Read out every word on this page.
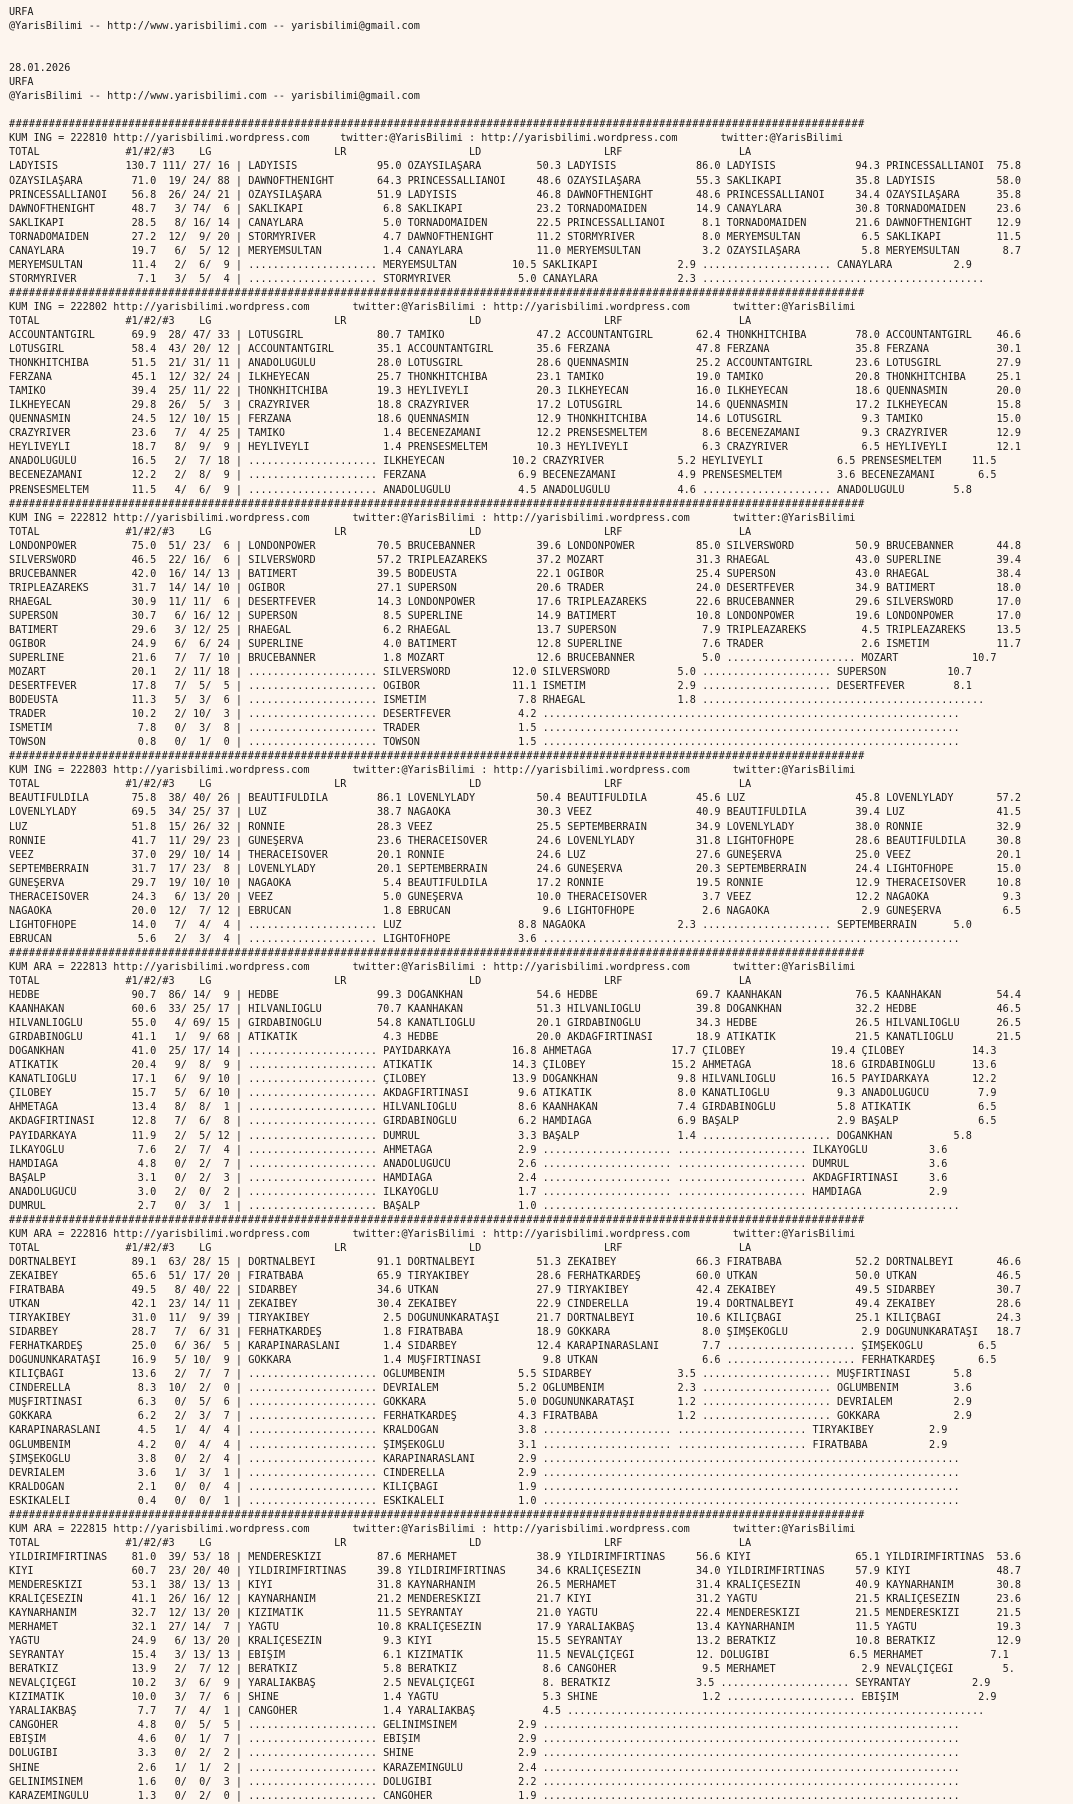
URFA
@YarisBilimi -- http://www.yarisbilimi.com -- yarisbilimi@gmail.com
28.01.2026
URFA
@YarisBilimi -- http://www.yarisbilimi.com -- yarisbilimi@gmail.com
#################################################################################################################################
KUM ING = 222810 http://yarisbilimi.wordpress.com     twitter:@YarisBilimi : http://yarisbilimi.wordpress.com       twitter:@YarisBilimi
TOTAL              #1/#2/#3    LG                    LR                    LD                    LRF                   LA
LADYİSİS           130.7 111/ 27/ 16 | LADYİSİS             95.0 ÖZAYSILAŞARA         50.3 LADYİSİS             86.0 LADYİSİS             94.3 PRINCESSALLIANOI  75.8
ÖZAYSILAŞARA        71.0  19/ 24/ 88 | DAWNOFTHENIGHT       64.3 PRINCESSALLIANOI     48.6 ÖZAYSILAŞARA         55.3 SAKLIKAPI            35.8 LADYİSİS          58.0
PRINCESSALLIANOI    56.8  26/ 24/ 21 | ÖZAYSILAŞARA         51.9 LADYİSİS             46.8 DAWNOFTHENIGHT       48.6 PRINCESSALLIANOI     34.4 ÖZAYSILAŞARA      35.8
DAWNOFTHENIGHT      48.7   3/ 74/  6 | SAKLIKAPI             6.8 SAKLIKAPI            23.2 TORNADOMAIDEN        14.9 CANAYLARA            30.8 TORNADOMAIDEN     23.6
SAKLIKAPI           28.5   8/ 16/ 14 | CANAYLARA             5.0 TORNADOMAIDEN        22.5 PRINCESSALLIANOI      8.1 TORNADOMAIDEN        21.6 DAWNOFTHENIGHT    12.9
TORNADOMAIDEN       27.2  12/  9/ 20 | STORMYRIVER           4.7 DAWNOFTHENIGHT       11.2 STORMYRIVER           8.0 MERYEMSULTAN          6.5 SAKLIKAPI         11.5
CANAYLARA           19.7   6/  5/ 12 | MERYEMSULTAN          1.4 CANAYLARA            11.0 MERYEMSULTAN          3.2 ÖZAYSILAŞARA          5.8 MERYEMSULTAN       8.7
MERYEMSULTAN        11.4   2/  6/  9 | ..................... MERYEMSULTAN         10.5 SAKLIKAPI             2.9 ..................... CANAYLARA          2.9
STORMYRIVER          7.1   3/  5/  4 | ..................... STORMYRIVER           5.0 CANAYLARA             2.3 ..............................................
#################################################################################################################################
KUM ING = 222802 http://yarisbilimi.wordpress.com       twitter:@YarisBilimi : http://yarisbilimi.wordpress.com       twitter:@YarisBilimi
TOTAL              #1/#2/#3    LG                    LR                    LD                    LRF                   LA
ACCOUNTANTGIRL      69.9  28/ 47/ 33 | LOTUSGIRL            80.7 TAMİKO               47.2 ACCOUNTANTGIRL       62.4 THONKHITCHIBA        78.0 ACCOUNTANTGIRL    46.6
LOTUSGIRL           58.4  43/ 20/ 12 | ACCOUNTANTGIRL       35.1 ACCOUNTANTGIRL       35.6 FERZANA              47.8 FERZANA              35.8 FERZANA           30.1
THONKHITCHIBA       51.5  21/ 31/ 11 | ANADOLUGÜLÜ          28.0 LOTUSGIRL            28.6 QUENNASMIN           25.2 ACCOUNTANTGIRL       23.6 LOTUSGIRL         27.9
FERZANA             45.1  12/ 32/ 24 | İLKHEYECAN           25.7 THONKHITCHIBA        23.1 TAMİKO               19.0 TAMİKO               20.8 THONKHITCHIBA     25.1
TAMİKO              39.4  25/ 11/ 22 | THONKHITCHIBA        19.3 HEYLİVEYLİ           20.3 İLKHEYECAN           16.0 İLKHEYECAN           18.6 QUENNASMIN        20.0
İLKHEYECAN          29.8  26/  5/  3 | CRAZYRIVER           18.8 CRAZYRIVER           17.2 LOTUSGIRL            14.6 QUENNASMIN           17.2 İLKHEYECAN        15.8
QUENNASMIN          24.5  12/ 10/ 15 | FERZANA              18.6 QUENNASMIN           12.9 THONKHITCHIBA        14.6 LOTUSGIRL             9.3 TAMİKO            15.0
CRAZYRIVER          23.6   7/  4/ 25 | TAMİKO                1.4 BECENEZAMANI         12.2 PRENSESMELTEM         8.6 BECENEZAMANI          9.3 CRAZYRIVER        12.9
HEYLİVEYLİ          18.7   8/  9/  9 | HEYLİVEYLİ            1.4 PRENSESMELTEM        10.3 HEYLİVEYLİ            6.3 CRAZYRIVER            6.5 HEYLİVEYLİ        12.1
ANADOLUGÜLÜ         16.5   2/  7/ 18 | ..................... İLKHEYECAN           10.2 CRAZYRIVER            5.2 HEYLİVEYLİ            6.5 PRENSESMELTEM     11.5
BECENEZAMANI        12.2   2/  8/  9 | ..................... FERZANA               6.9 BECENEZAMANI          4.9 PRENSESMELTEM         3.6 BECENEZAMANI       6.5
PRENSESMELTEM       11.5   4/  6/  9 | ..................... ANADOLUGÜLÜ           4.5 ANADOLUGÜLÜ           4.6 ..................... ANADOLUGÜLÜ        5.8
#################################################################################################################################
KUM ING = 222812 http://yarisbilimi.wordpress.com       twitter:@YarisBilimi : http://yarisbilimi.wordpress.com       twitter:@YarisBilimi
TOTAL              #1/#2/#3    LG                    LR                    LD                    LRF                   LA
LONDONPOWER         75.0  51/ 23/  6 | LONDONPOWER          70.5 BRUCEBANNER          39.6 LONDONPOWER          85.0 SILVERSWORD          50.9 BRUCEBANNER       44.8
SILVERSWORD         46.5  22/ 16/  6 | SILVERSWORD          57.2 TRIPLEAZAREKS        37.2 MOZART               31.3 RHAEGAL              43.0 SUPERLINE         39.4
BRUCEBANNER         42.0  16/ 14/ 13 | BATIMERT             39.5 BODEUSTA             22.1 OGİBOR               25.4 SUPERSON             43.0 RHAEGAL           38.4
TRIPLEAZAREKS       31.7  14/ 14/ 10 | OGİBOR               27.1 SUPERSON             20.6 TRADER               24.0 DESERTFEVER          34.9 BATIMERT          18.0
RHAEGAL             30.9  11/ 11/  6 | DESERTFEVER          14.3 LONDONPOWER          17.6 TRIPLEAZAREKS        22.6 BRUCEBANNER          29.6 SILVERSWORD       17.0
SUPERSON            30.7   6/ 16/ 12 | SUPERSON              8.5 SUPERLINE            14.9 BATIMERT             10.8 LONDONPOWER          19.6 LONDONPOWER       17.0
BATIMERT            29.6   3/ 12/ 25 | RHAEGAL               6.2 RHAEGAL              13.7 SUPERSON              7.9 TRIPLEAZAREKS         4.5 TRIPLEAZAREKS     13.5
OGİBOR              24.9   6/  6/ 24 | SUPERLINE             4.0 BATIMERT             12.8 SUPERLINE             7.6 TRADER                2.6 İSMETİM           11.7
SUPERLINE           21.6   7/  7/ 10 | BRUCEBANNER           1.8 MOZART               12.6 BRUCEBANNER           5.0 ..................... MOZART            10.7
MOZART              20.1   2/ 11/ 18 | ..................... SILVERSWORD          12.0 SILVERSWORD           5.0 ..................... SUPERSON          10.7
DESERTFEVER         17.8   7/  5/  5 | ..................... OGİBOR               11.1 İSMETİM               2.9 ..................... DESERTFEVER        8.1
BODEUSTA            11.3   5/  3/  6 | ..................... İSMETİM               7.8 RHAEGAL               1.8 ..............................................
TRADER              10.2   2/ 10/  3 | ..................... DESERTFEVER           4.2 ....................................................................
İSMETİM              7.8   0/  3/  8 | ..................... TRADER                1.5 ....................................................................
TOWSON               0.8   0/  1/  0 | ..................... TOWSON                1.5 ....................................................................
#################################################################################################################################
KUM ING = 222803 http://yarisbilimi.wordpress.com       twitter:@YarisBilimi : http://yarisbilimi.wordpress.com       twitter:@YarisBilimi
TOTAL              #1/#2/#3    LG                    LR                    LD                    LRF                   LA
BEAUTIFULDİLA       75.8  38/ 40/ 26 | BEAUTIFULDİLA        86.1 LOVENLYLADY          50.4 BEAUTIFULDİLA        45.6 LUZ                  45.8 LOVENLYLADY       57.2
LOVENLYLADY         69.5  34/ 25/ 37 | LUZ                  38.7 NAGAOKA              30.3 VEEZ                 40.9 BEAUTIFULDİLA        39.4 LUZ               41.5
LUZ                 51.8  15/ 26/ 32 | RONNIE               28.3 VEEZ                 25.5 SEPTEMBERRAIN        34.9 LOVENLYLADY          38.0 RONNIE            32.9
RONNIE              41.7  11/ 29/ 23 | GÜNEŞERVA            23.6 THERACEISOVER        24.6 LOVENLYLADY          31.8 LIGHTOFHOPE          28.6 BEAUTIFULDİLA     30.8
VEEZ                37.0  29/ 10/ 14 | THERACEISOVER        20.1 RONNIE               24.6 LUZ                  27.6 GÜNEŞERVA            25.0 VEEZ              20.1
SEPTEMBERRAIN       31.7  17/ 23/  8 | LOVENLYLADY          20.1 SEPTEMBERRAIN        24.6 GÜNEŞERVA            20.3 SEPTEMBERRAIN        24.4 LIGHTOFHOPE       15.0
GÜNEŞERVA           29.7  19/ 10/ 10 | NAGAOKA               5.4 BEAUTIFULDİLA        17.2 RONNIE               19.5 RONNIE               12.9 THERACEISOVER     10.8
THERACEISOVER       24.3   6/ 13/ 20 | VEEZ                  5.0 GÜNEŞERVA            10.0 THERACEISOVER         3.7 VEEZ                 12.2 NAGAOKA            9.3
NAGAOKA             20.0  12/  7/ 12 | EBRUCAN               1.8 EBRUCAN               9.6 LIGHTOFHOPE           2.6 NAGAOKA               2.9 GÜNEŞERVA          6.5
LIGHTOFHOPE         14.0   7/  4/  4 | ..................... LUZ                   8.8 NAGAOKA               2.3 ..................... SEPTEMBERRAIN      5.0
EBRUCAN              5.6   2/  3/  4 | ..................... LIGHTOFHOPE           3.6 ....................................................................
#################################################################################################################################
KUM ARA = 222813 http://yarisbilimi.wordpress.com       twitter:@YarisBilimi : http://yarisbilimi.wordpress.com       twitter:@YarisBilimi
TOTAL              #1/#2/#3    LG                    LR                    LD                    LRF                   LA
HEDBE               90.7  86/ 14/  9 | HEDBE                99.3 DOĞANKHAN            54.6 HEDBE                69.7 KAANHAKAN            76.5 KAANHAKAN         54.4
KAANHAKAN           60.6  33/ 25/ 17 | HİLVANLIOĞLU         70.7 KAANHAKAN            51.3 HİLVANLIOĞLU         39.8 DOĞANKHAN            32.2 HEDBE             46.5
HİLVANLIOĞLU        55.0   4/ 69/ 15 | GİRDABINOĞLU         54.8 KANATLIOĞLU          20.1 GİRDABINOĞLU         34.3 HEDBE                26.5 HİLVANLIOĞLU      26.5
GİRDABINOĞLU        41.1   1/  9/ 68 | ATİKATİK              4.3 HEDBE                20.0 AKDAĞFIRTINASI       18.9 ATİKATİK             21.5 KANATLIOĞLU       21.5
DOĞANKHAN           41.0  25/ 17/ 14 | ..................... PAYİDARKAYA          16.8 AHMETAĞA             17.7 ÇİLOBEY              19.4 ÇİLOBEY           14.3
ATİKATİK            20.4   9/  8/  9 | ..................... ATİKATİK             14.3 ÇİLOBEY              15.2 AHMETAĞA             18.6 GİRDABINOĞLU      13.6
KANATLIOĞLU         17.1   6/  9/ 10 | ..................... ÇİLOBEY              13.9 DOĞANKHAN             9.8 HİLVANLIOĞLU         16.5 PAYİDARKAYA       12.2
ÇİLOBEY             15.7   5/  6/ 10 | ..................... AKDAĞFIRTINASI        9.6 ATİKATİK              8.0 KANATLIOĞLU           9.3 ANADOLUGÜCÜ        7.9
AHMETAĞA            13.4   8/  8/  1 | ..................... HİLVANLIOĞLU          8.6 KAANHAKAN             7.4 GİRDABINOĞLU          5.8 ATİKATİK           6.5
AKDAĞFIRTINASI      12.8   7/  6/  8 | ..................... GİRDABINOĞLU          6.2 HAMDİAĞA              6.9 BAŞALP                2.9 BAŞALP             6.5
PAYİDARKAYA         11.9   2/  5/ 12 | ..................... DUMRUL                3.3 BAŞALP                1.4 ..................... DOĞANKHAN          5.8
İLKAYOĞLU            7.6   2/  7/  4 | ..................... AHMETAĞA              2.9 ..................... ..................... İLKAYOĞLU          3.6
HAMDİAĞA             4.8   0/  2/  7 | ..................... ANADOLUGÜCÜ           2.6 ..................... ..................... DUMRUL             3.6
BAŞALP               3.1   0/  2/  3 | ..................... HAMDİAĞA              2.4 ..................... ..................... AKDAĞFIRTINASI     3.6
ANADOLUGÜCÜ          3.0   2/  0/  2 | ..................... İLKAYOĞLU             1.7 ..................... ..................... HAMDİAĞA           2.9
DUMRUL               2.7   0/  3/  1 | ..................... BAŞALP                1.0 ....................................................................
#################################################################################################################################
KUM ARA = 222816 http://yarisbilimi.wordpress.com       twitter:@YarisBilimi : http://yarisbilimi.wordpress.com       twitter:@YarisBilimi
TOTAL              #1/#2/#3    LG                    LR                    LD                    LRF                   LA
DÖRTNALBEYİ         89.1  63/ 28/ 15 | DÖRTNALBEYİ          91.1 DÖRTNALBEYİ          51.3 ZEKAİBEY             66.3 FIRATBABA            52.2 DÖRTNALBEYİ       46.6
ZEKAİBEY            65.6  51/ 17/ 20 | FIRATBABA            65.9 TİRYAKİBEY           28.6 FERHATKARDEŞ         60.0 UTKAN                50.0 UTKAN             46.5
FIRATBABA           49.5   8/ 40/ 22 | SIDARBEY             34.6 UTKAN                27.9 TİRYAKİBEY           42.4 ZEKAİBEY             49.5 SIDARBEY          30.7
UTKAN               42.1  23/ 14/ 11 | ZEKAİBEY             30.4 ZEKAİBEY             22.9 CİNDERELLA           19.4 DÖRTNALBEYİ          49.4 ZEKAİBEY          28.6
TİRYAKİBEY          31.0  11/  9/ 39 | TİRYAKİBEY            2.5 DOĞUNUNKARATAŞI      21.7 DÖRTNALBEYİ          10.6 KILIÇBAĞI            25.1 KILIÇBAĞI         24.3
SIDARBEY            28.7   7/  6/ 31 | FERHATKARDEŞ          1.8 FIRATBABA            18.9 GÖKKARA               8.0 ŞİMŞEKOĞLU            2.9 DOĞUNUNKARATAŞI   18.7
FERHATKARDEŞ        25.0   6/ 36/  5 | KARAPINARASLANI       1.4 SIDARBEY             12.4 KARAPINARASLANI       7.7 ..................... ŞİMŞEKOĞLU         6.5
DOĞUNUNKARATAŞI     16.9   5/ 10/  9 | GÖKKARA               1.4 MUŞFIRTINASI          9.8 UTKAN                 6.6 ..................... FERHATKARDEŞ       6.5
KILIÇBAĞI           13.6   2/  7/  7 | ..................... OĞLUMBENİM            5.5 SIDARBEY              3.5 ..................... MUŞFIRTINASI       5.8
CİNDERELLA           8.3  10/  2/  0 | ..................... DEVRİALEM             5.2 OĞLUMBENİM            2.3 ..................... OĞLUMBENİM         3.6
MUŞFIRTINASI         6.3   0/  5/  6 | ..................... GÖKKARA               5.0 DOĞUNUNKARATAŞI       1.2 ..................... DEVRİALEM          2.9
GÖKKARA              6.2   2/  3/  7 | ..................... FERHATKARDEŞ          4.3 FIRATBABA             1.2 ..................... GÖKKARA            2.9
KARAPINARASLANI      4.5   1/  4/  4 | ..................... KRALDOĞAN             3.8 ..................... ..................... TİRYAKİBEY         2.9
OĞLUMBENİM           4.2   0/  4/  4 | ..................... ŞİMŞEKOĞLU            3.1 ..................... ..................... FIRATBABA          2.9
ŞİMŞEKOĞLU           3.8   0/  2/  4 | ..................... KARAPINARASLANI       2.9 ....................................................................
DEVRİALEM            3.6   1/  3/  1 | ..................... CİNDERELLA            2.9 ....................................................................
KRALDOĞAN            2.1   0/  0/  4 | ..................... KILIÇBAĞI             1.9 ....................................................................
ESKİKALELİ           0.4   0/  0/  1 | ..................... ESKİKALELİ            1.0 ....................................................................
#################################################################################################################################
KUM ARA = 222815 http://yarisbilimi.wordpress.com       twitter:@YarisBilimi : http://yarisbilimi.wordpress.com       twitter:@YarisBilimi
TOTAL              #1/#2/#3    LG                    LR                    LD                    LRF                   LA
YILDIRIMFIRTINAS    81.0  39/ 53/ 18 | MENDERESKIZI         87.6 MERHAMET             38.9 YILDIRIMFIRTINAS     56.6 KIYI                 65.1 YILDIRIMFIRTINAS  53.6
KIYI                60.7  23/ 20/ 40 | YILDIRIMFIRTINAS     39.8 YILDIRIMFIRTINAS     34.6 KRALİÇESEZİN         34.0 YILDIRIMFIRTINAS     57.9 KIYI              48.7
MENDERESKIZI        53.1  38/ 13/ 13 | KIYI                 31.8 KAYNARHANIM          26.5 MERHAMET             31.4 KRALİÇESEZİN         40.9 KAYNARHANIM       30.8
KRALİÇESEZİN        41.1  26/ 16/ 12 | KAYNARHANIM          21.2 MENDERESKIZI         21.7 KIYI                 31.2 YAĞTU                21.5 KRALİÇESEZİN      23.6
KAYNARHANIM         32.7  12/ 13/ 20 | KIZIMATİK            11.5 SEYRANTAY            21.0 YAĞTU                22.4 MENDERESKIZI         21.5 MENDERESKIZI      21.5
MERHAMET            32.1  27/ 14/  7 | YAĞTU                10.8 KRALİÇESEZİN         17.9 YARALIAKBAŞ          13.4 KAYNARHANIM          11.5 YAĞTU             19.3
YAĞTU               24.9   6/ 13/ 20 | KRALİÇESEZİN          9.3 KIYI                 15.5 SEYRANTAY            13.2 BERATKIZ             10.8 BERATKIZ          12.9
SEYRANTAY           15.4   3/ 13/ 13 | EBİŞİM                6.1 KIZIMATİK            11.5 NEVALÇİÇEĞİ          12. DOLUGIBI             6.5 MERHAMET           7.1
BERATKIZ            13.9   2/  7/ 12 | BERATKIZ              5.8 BERATKIZ              8.6 CANGÖHER              9.5 MERHAMET              2.9 NEVALÇİÇEĞİ        5.
NEVALÇİÇEĞİ         10.2   3/  6/  9 | YARALIAKBAŞ           2.5 NEVALÇİÇEĞİ           8. BERATKIZ              3.5 ..................... SEYRANTAY          2.9
KIZIMATİK           10.0   3/  7/  6 | SHINE                 1.4 YAĞTU                 5.3 SHINE                 1.2 ..................... EBİŞİM             2.9
YARALIAKBAŞ          7.7   7/  4/  1 | CANGÖHER              1.4 YARALIAKBAŞ           4.5 ....................................................................
CANGÖHER             4.8   0/  5/  5 | ..................... GELİNİMSİNEM          2.9 ....................................................................
EBİŞİM               4.6   0/  1/  7 | ..................... EBİŞİM                2.9 ....................................................................
DOLUGIBI             3.3   0/  2/  2 | ..................... SHINE                 2.9 ....................................................................
SHINE                2.6   1/  1/  2 | ..................... KARAZEMİNGÜLÜ         2.4 ....................................................................
GELİNİMSİNEM         1.6   0/  0/  3 | ..................... DOLUGIBI              2.2 ....................................................................
KARAZEMİNGÜLÜ        1.3   0/  2/  0 | ..................... CANGÖHER              1.9 ....................................................................
